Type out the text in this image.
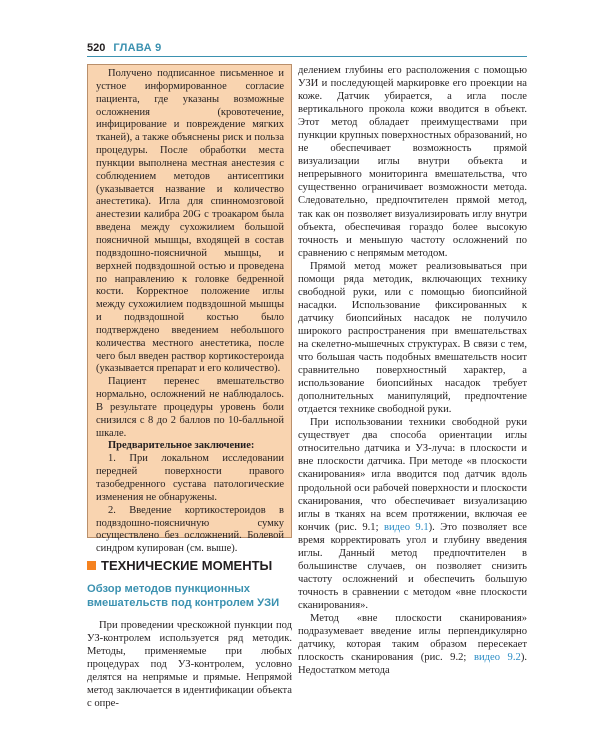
520 ГЛАВА 9

Получено подписанное письменное и устное информированное согласие пациента, где указаны возможные осложнения (кровотечение, инфицирование и повреждение мягких тканей), а также объяснены риск и польза процедуры. После обработки места пункции выполнена местная анестезия с соблюдением методов антисептики (указывается название и количество анестетика). Игла для спинномозговой анестезии калибра 20G с троакаром была введена между сухожилием большой поясничной мышцы, входящей в состав подвздошно-поясничной мышцы, и верхней подвздошной остью и проведена по направлению к головке бедренной кости. Корректное положение иглы между сухожилием подвздошной мышцы и подвздошной костью было подтверждено введением небольшого количества местного анестетика, после чего был введен раствор кортикостероида (указывается препарат и его количество).

Пациент перенес вмешательство нормально, осложнений не наблюдалось. В результате процедуры уровень боли снизился с 8 до 2 баллов по 10-балльной шкале.

Предварительное заключение:

1. При локальном исследовании передней поверхности правого тазобедренного сустава патологические изменения не обнаружены.

2. Введение кортикостероидов в подвздошно-поясничную сумку осуществлено без осложнений. Болевой синдром купирован (см. выше).

ТЕХНИЧЕСКИЕ МОМЕНТЫ
Обзор методов пункционных вмешательств под контролем УЗИ

При проведении чрескожной пункции под УЗ-контролем используется ряд методик. Методы, применяемые при любых процедурах под УЗ-контролем, условно делятся на непрямые и прямые. Непрямой метод заключается в идентификации объекта с опре-

делением глубины его расположения с помощью УЗИ и последующей маркировке его проекции на коже. Датчик убирается, а игла после вертикального прокола кожи вводится в объект. Этот метод обладает преимуществами при пункции крупных поверхностных образований, но не обеспечивает возможность прямой визуализации иглы внутри объекта и непрерывного мониторинга вмешательства, что существенно ограничивает возможности метода. Следовательно, предпочтителен прямой метод, так как он позволяет визуализировать иглу внутри объекта, обеспечивая гораздо более высокую точность и меньшую частоту осложнений по сравнению с непрямым методом.

Прямой метод может реализовываться при помощи ряда методик, включающих технику свободной руки, или с помощью биопсийной насадки. Использование фиксированных к датчику биопсийных насадок не получило широкого распространения при вмешательствах на скелетно-мышечных структурах. В связи с тем, что большая часть подобных вмешательств носит сравнительно поверхностный характер, а использование биопсийных насадок требует дополнительных манипуляций, предпочтение отдается технике свободной руки.

При использовании техники свободной руки существует два способа ориентации иглы относительно датчика и УЗ-луча: в плоскости и вне плоскости датчика. При методе «в плоскости сканирования» игла вводится под датчик вдоль продольной оси рабочей поверхности и плоскости сканирования, что обеспечивает визуализацию иглы в тканях на всем протяжении, включая ее кончик (рис. 9.1; видео 9.1). Это позволяет все время корректировать угол и глубину введения иглы. Данный метод предпочтителен в большинстве случаев, он позволяет снизить частоту осложнений и обеспечить большую точность в сравнении с методом «вне плоскости сканирования».

Метод «вне плоскости сканирования» подразумевает введение иглы перпендикулярно датчику, которая таким образом пересекает плоскость сканирования (рис. 9.2; видео 9.2). Недостатком метода
